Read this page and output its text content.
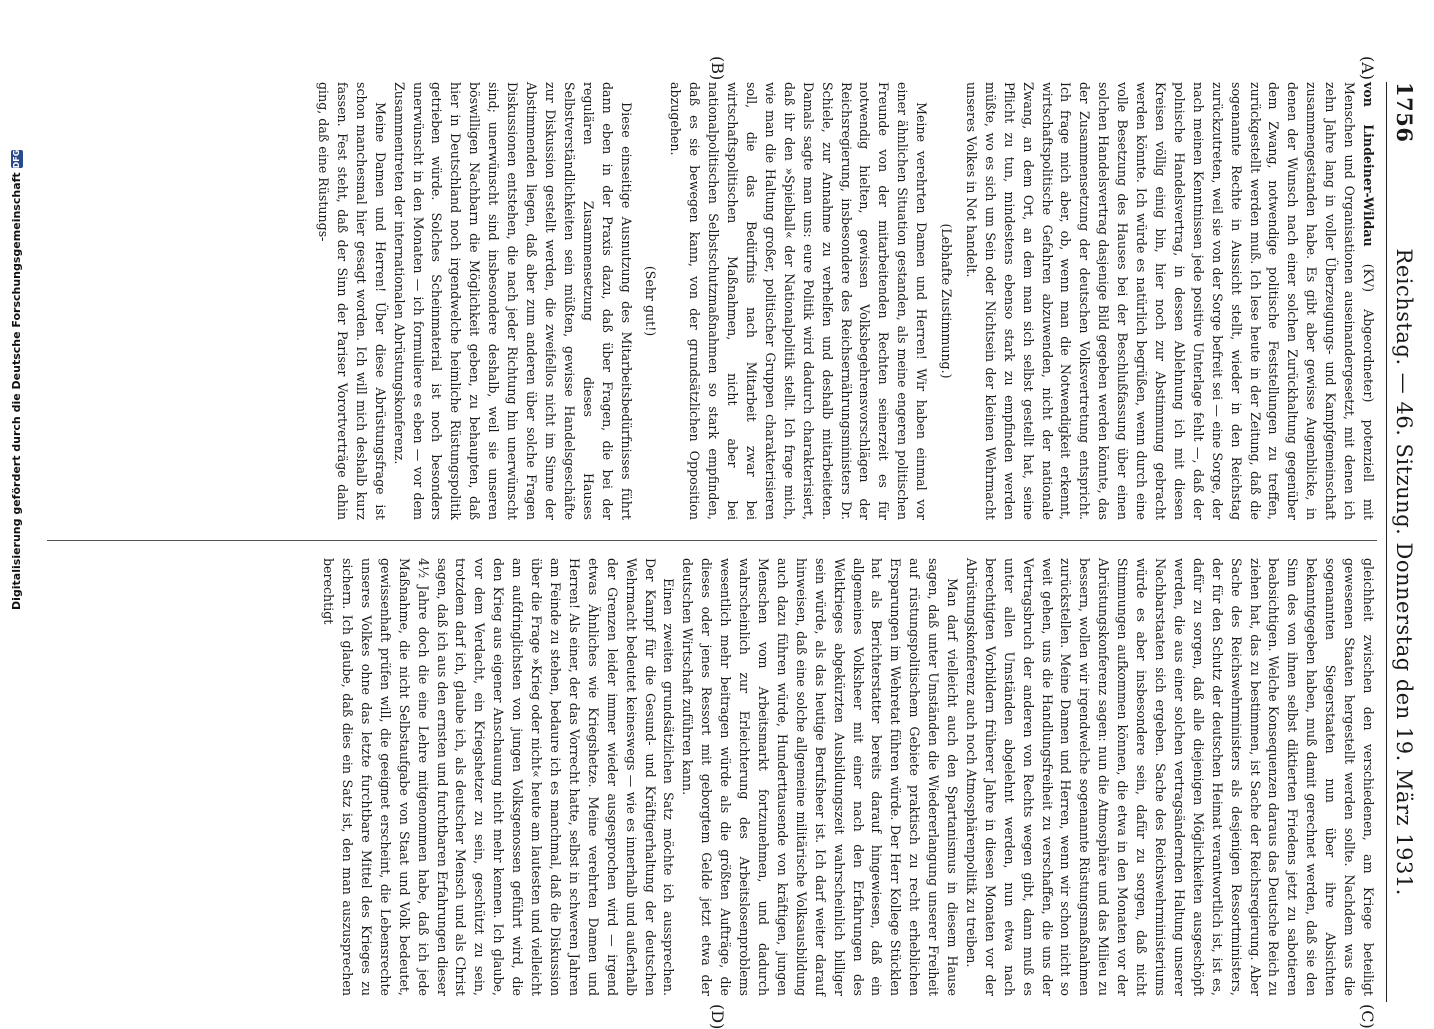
Digitalisierung gefördert durch die Deutsche Forschungsgemeinschaft
DFG
1756
Reichstag. — 46. Sitzung. Donnerstag den 19. März 1931.
(A)
(B)
(C)
(D)

von Lindeiner-Wildau (KV) Abgeordneter) potenziell mit Menschen und Organisationen auseinandergesetzt, mit denen ich zehn Jahre lang in voller Überzeugungs- und Kampfgemeinschaft zusammengestanden habe. Es gibt aber gewisse Augenblicke, in denen der Wunsch nach einer solchen Zurückhaltung gegenüber dem Zwang, notwendige politische Feststellungen zu treffen, zurückgestellt werden muß. Ich lese heute in der Zeitung, daß die sogenannte Rechte in Aussicht stellt, wieder in den Reichstag zurückzutreten, weil sie von der Sorge befreit sei — eine Sorge, der nach meinen Kenntnissen jede positive Unterlage fehlt —, daß der polnische Handelsvertrag, in dessen Ablehnung ich mit diesen Kreisen völlig einig bin, hier noch zur Abstimmung gebracht werden könnte. Ich würde es natürlich begrüßen, wenn durch eine volle Besetzung des Hauses bei der Beschlußfassung über einen solchen Handelsvertrag dasjenige Bild gegeben werden könnte, das der Zusammensetzung der deutschen Volksvertretung entspricht. Ich frage mich aber, ob, wenn man die Notwendigkeit erkennt, wirtschaftspolitische Gefahren abzuwenden, nicht der nationale Zwang, an dem Ort, an dem man sich selbst gestellt hat, seine Pflicht zu tun, mindestens ebenso stark zu empfinden werden müßte, wo es sich um Sein oder Nichtsein der kleinen Wehrmacht unseres Volkes in Not handelt.

(Lebhafte Zustimmung.)

Meine verehrten Damen und Herren! Wir haben einmal vor einer ähnlichen Situation gestanden, als meine engeren politischen Freunde von der mitarbeitenden Rechten seinerzeit es für notwendig hielten, gewissen Volksbegehrensvorschlägen der Reichsregierung, insbesondere des Reichsernährungsministers Dr. Schiele, zur Annahme zu verhelfen und deshalb mitarbeiteten. Damals sagte man uns: eure Politik wird dadurch charakterisiert, daß ihr den »Spielball« der Nationalpolitik stellt. Ich frage mich, wie man die Haltung großer, politischer Gruppen charakterisieren soll, die das Bedürfnis nach Mitarbeit zwar bei wirtschaftspolitischen Maßnahmen, nicht aber bei nationalpolitischen Selbstschutzmaßnahmen so stark empfinden, daß es sie bewegen kann, von der grundsätzlichen Opposition abzugehen.

(Sehr gut!)

Diese einseitige Ausnutzung des Mitarbeitsbedürfnisses führt dann eben in der Praxis dazu, daß über Fragen, die bei der regulären Zusammensetzung dieses Hauses Selbstverständlichkeiten sein müßten, gewisse Handelsgeschäfte zur Diskussion gestellt werden, die zweifellos nicht im Sinne der Abstimmenden liegen, daß aber zum anderen über solche Fragen Diskussionen entstehen, die nach jeder Richtung hin unerwünscht sind; unerwünscht sind insbesondere deshalb, weil sie unseren böswilligen Nachbarn die Möglichkeit geben, zu behaupten, daß hier in Deutschland noch irgendwelche heimliche Rüstungspolitik getrieben würde. Solches Scheinmaterial ist noch besonders unerwünscht in den Monaten — ich formuliere es eben — vor dem Zusammentreten der internationalen Abrüstungskonferenz.

Meine Damen und Herren! Über diese Abrüstungsfrage ist schon manchesmal hier gesagt worden. Ich will mich deshalb kurz fassen. Fest steht, daß der Sinn der Pariser Vorortverträge dahin ging, daß eine Rüstungs-

gleichheit zwischen den verschiedenen, am Kriege beteiligt gewesenen Staaten hergestellt werden sollte. Nachdem was die sogenannten Siegerstaaten nun über ihre Absichten bekanntgegeben haben, muß damit gerechnet werden, daß sie den Sinn des von ihnen selbst diktierten Friedens jetzt zu sabotieren beabsichtigen. Welche Konsequenzen daraus das Deutsche Reich zu ziehen hat, das zu bestimmen, ist Sache der Reichsregierung. Aber Sache des Reichswehrministers als desjenigen Ressortministers, der für den Schutz der deutschen Heimat verantwortlich ist, ist es, dafür zu sorgen, daß alle diejenigen Möglichkeiten ausgeschöpft werden, die aus einer solchen vertragsändernden Haltung unserer Nachbarstaaten sich ergeben. Sache des Reichswehrministeriums würde es aber insbesondere sein, dafür zu sorgen, daß nicht Stimmungen aufkommen können, die etwa in den Monaten vor der Abrüstungskonferenz sagen: nun die Atmosphäre und das Milieu zu bessern, wollen wir irgendwelche sogenannte Rüstungsmaßnahmen zurückstellen. Meine Damen und Herren, wenn wir schon nicht so weit gehen, uns die Handlungsfreiheit zu verschaffen, die uns der Vertragsbruch der anderen von Rechts wegen gibt, dann muß es unter allen Umständen abgelehnt werden, nun etwa nach berechtigten Vorbildern früherer Jahre in diesen Monaten vor der Abrüstungskonferenz auch noch Atmosphärenpolitik zu treiben.

Man darf vielleicht auch den Spartanismus in diesem Hause sagen, daß unter Umständen die Wiedererlangung unserer Freiheit auf rüstungspolitischem Gebiete praktisch zu recht erheblichen Ersparungen im Wehretat führen würde. Der Herr Kollege Stücklen hat als Berichterstatter bereits darauf hingewiesen, daß ein allgemeines Volksheer mit einer nach den Erfahrungen des Weltkrieges abgekürzten Ausbildungszeit wahrscheinlich billiger sein würde, als das heutige Berufsheer ist. Ich darf weiter darauf hinweisen, daß eine solche allgemeine militärische Volksausbildung auch dazu führen würde, Hunderttausende von kräftigen, jungen Menschen vom Arbeitsmarkt fortzunehmen, und dadurch wahrscheinlich zur Erleichterung des Arbeitslosenproblems wesentlich mehr beitragen würde als die größten Aufträge, die dieses oder jenes Ressort mit geborgtem Gelde jetzt etwa der deutschen Wirtschaft zuführen kann.

Einen zweiten grundsätzlichen Satz möchte ich aussprechen. Der Kampf für die Gesund- und Kräftigerhaltung der deutschen Wehrmacht bedeutet keineswegs — wie es innerhalb und außerhalb der Grenzen leider immer wieder ausgesprochen wird — irgend etwas Ähnliches wie Kriegshetze. Meine verehrten Damen und Herren! Als einer, der das Vorrecht hatte, selbst in schweren Jahren am Feinde zu stehen, bedaure ich es manchmal, daß die Diskussion über die Frage »Krieg oder nicht« heute am lautesten und vielleicht am aufdringlichsten von jungen Volksgenossen geführt wird, die den Krieg aus eigener Anschauung nicht mehr kennen. Ich glaube, vor dem Verdacht, ein Kriegshetzer zu sein, geschützt zu sein, trotzdem darf ich, glaube ich, als deutscher Mensch und als Christ sagen, daß ich aus den ernsten und furchtbaren Erfahrungen dieser 4½ Jahre doch die eine Lehre mitgenommen habe, daß ich jede Maßnahme, die nicht Selbstaufgabe von Staat und Volk bedeutet, gewissenhaft prüfen will, die geeignet erscheint, die Lebensrechte unseres Volkes ohne das letzte furchtbare Mittel des Krieges zu sichern. Ich glaube, daß dies ein Satz ist, den man auszusprechen berechtigt
